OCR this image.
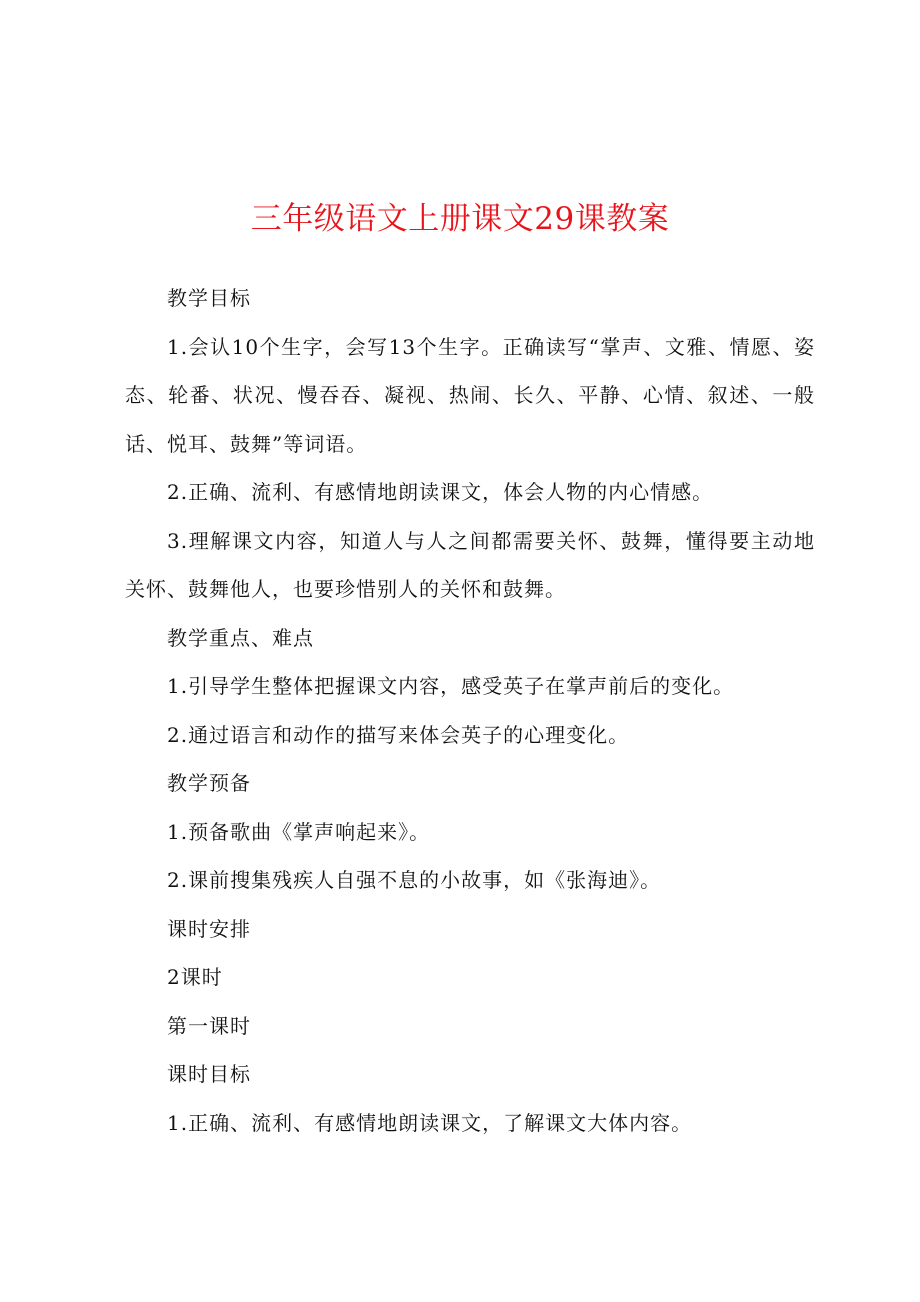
三年级语文上册课文29课教案

教学目标

1.会认10个生字，会写13个生字。正确读写“掌声、文雅、情愿、姿态、轮番、状况、慢吞吞、凝视、热闹、长久、平静、心情、叙述、一般话、悦耳、鼓舞”等词语。

2.正确、流利、有感情地朗读课文，体会人物的内心情感。

3.理解课文内容，知道人与人之间都需要关怀、鼓舞，懂得要主动地关怀、鼓舞他人，也要珍惜别人的关怀和鼓舞。

教学重点、难点

1.引导学生整体把握课文内容，感受英子在掌声前后的变化。

2.通过语言和动作的描写来体会英子的心理变化。

教学预备

1.预备歌曲《掌声响起来》。

2.课前搜集残疾人自强不息的小故事，如《张海迪》。

课时安排

2课时

第一课时

课时目标

1.正确、流利、有感情地朗读课文，了解课文大体内容。
